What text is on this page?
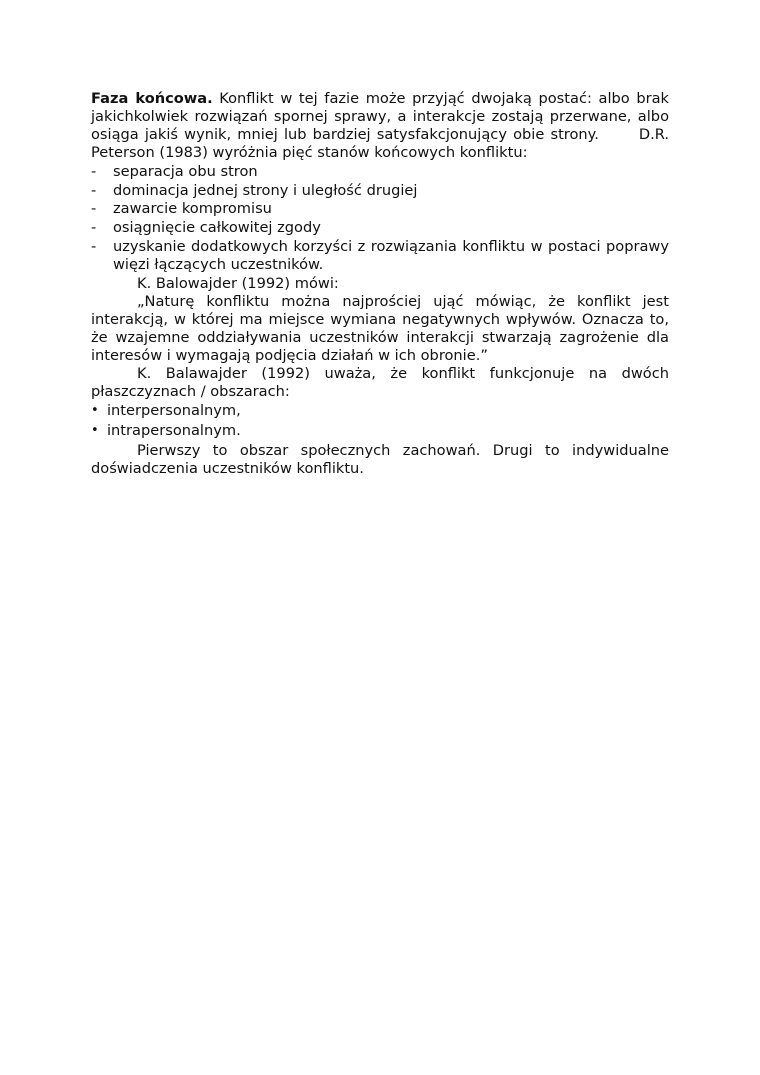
Faza końcowa. Konflikt w tej fazie może przyjąć dwojaką postać: albo brak jakichkolwiek rozwiązań spornej sprawy, a interakcje zostają przerwane, albo osiąga jakiś wynik, mniej lub bardziej satysfakcjonujący obie strony.	D.R. Peterson (1983) wyróżnia pięć stanów końcowych konfliktu:

- separacja obu stron
- dominacja jednej strony i uległość drugiej
- zawarcie kompromisu
- osiągnięcie całkowitej zgody
- uzyskanie dodatkowych korzyści z rozwiązania konfliktu w postaci poprawy więzi łączących uczestników.

K. Balowajder (1992) mówi:

„Naturę konfliktu można najprościej ująć mówiąc, że konflikt jest interakcją, w której ma miejsce wymiana negatywnych wpływów. Oznacza to, że wzajemne oddziaływania uczestników interakcji stwarzają zagrożenie dla interesów i wymagają podjęcia działań w ich obronie.”

K. Balawajder (1992) uważa, że konflikt funkcjonuje na dwóch płaszczyznach / obszarach:

• interpersonalnym,
• intrapersonalnym.

Pierwszy to obszar społecznych zachowań. Drugi to indywidualne doświadczenia uczestników konfliktu.
